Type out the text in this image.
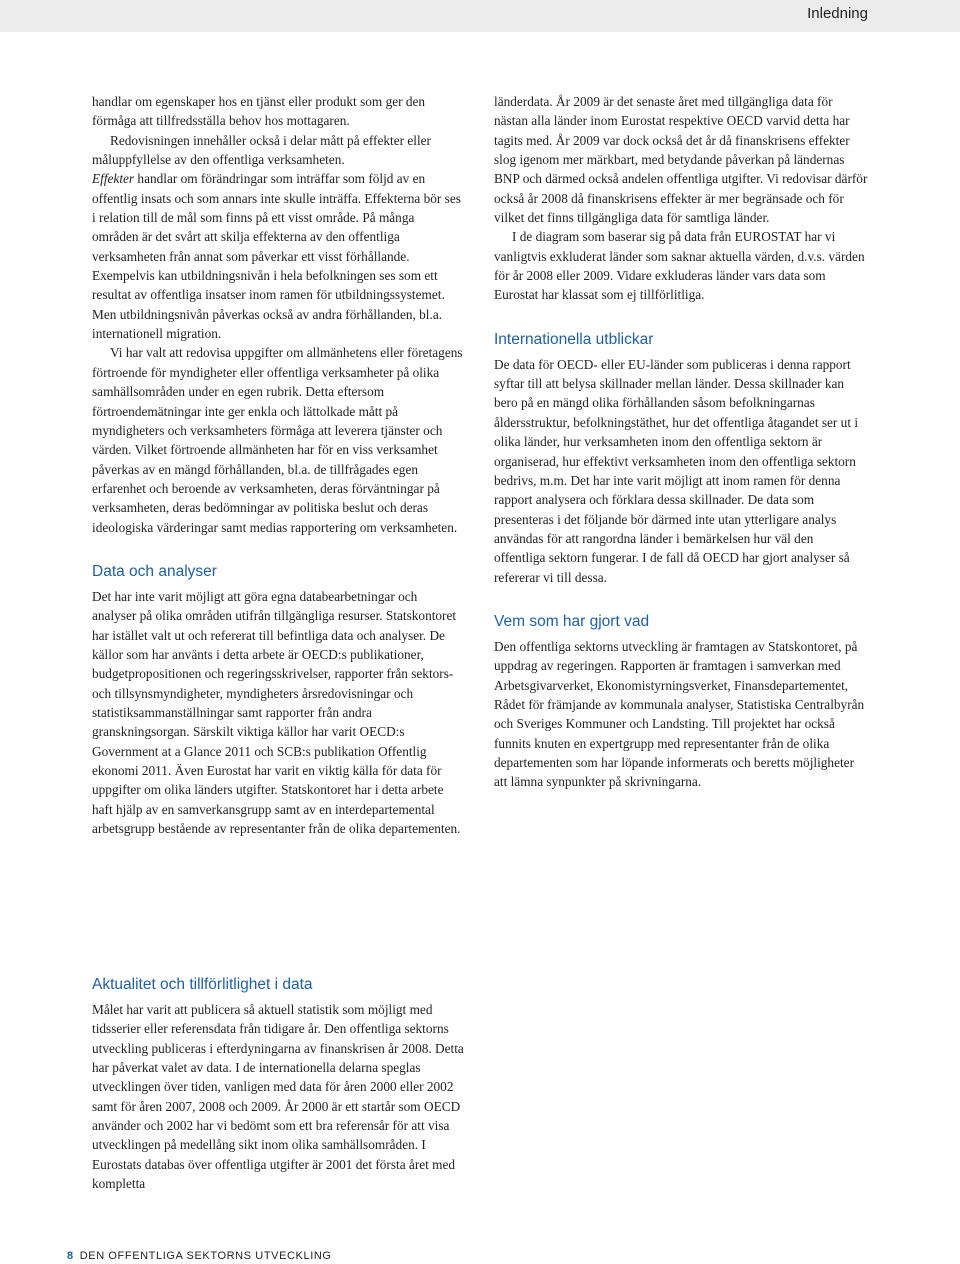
Inledning

handlar om egenskaper hos en tjänst eller produkt som ger den förmåga att tillfredsställa behov hos mottagaren.

Redovisningen innehåller också i delar mått på effekter eller måluppfyllelse av den offentliga verksamheten.

Effekter handlar om förändringar som inträffar som följd av en offentlig insats och som annars inte skulle inträffa. Effekterna bör ses i relation till de mål som finns på ett visst område. På många områden är det svårt att skilja effekterna av den offentliga verksamheten från annat som påverkar ett visst förhållande. Exempelvis kan utbildningsnivån i hela befolkningen ses som ett resultat av offentliga insatser inom ramen för utbildningssystemet. Men utbildningsnivån påverkas också av andra förhållanden, bl.a. internationell migration.

Vi har valt att redovisa uppgifter om allmänhetens eller företagens förtroende för myndigheter eller offentliga verksamheter på olika samhällsområden under en egen rubrik. Detta eftersom förtroendemätningar inte ger enkla och lättolkade mått på myndigheters och verksamheters förmåga att leverera tjänster och värden. Vilket förtroende allmänheten har för en viss verksamhet påverkas av en mängd förhållanden, bl.a. de tillfrågades egen erfarenhet och beroende av verksamheten, deras förväntningar på verksamheten, deras bedömningar av politiska beslut och deras ideologiska värderingar samt medias rapportering om verksamheten.

Data och analyser

Det har inte varit möjligt att göra egna databearbetningar och analyser på olika områden utifrån tillgängliga resurser. Statskontoret har istället valt ut och refererat till befintliga data och analyser. De källor som har använts i detta arbete är OECD:s publikationer, budgetpropositionen och regeringsskrivelser, rapporter från sektors- och tillsynsmyndigheter, myndigheters årsredovisningar och statistiksammanställningar samt rapporter från andra granskningsorgan. Särskilt viktiga källor har varit OECD:s Government at a Glance 2011 och SCB:s publikation Offentlig ekonomi 2011. Även Eurostat har varit en viktig källa för data för uppgifter om olika länders utgifter. Statskontoret har i detta arbete haft hjälp av en samverkansgrupp samt av en interdepartemental arbetsgrupp bestående av representanter från de olika departementen.

Aktualitet och tillförlitlighet i data

Målet har varit att publicera så aktuell statistik som möjligt med tidsserier eller referensdata från tidigare år. Den offentliga sektorns utveckling publiceras i efterdyningarna av finanskrisen år 2008. Detta har påverkat valet av data. I de internationella delarna speglas utvecklingen över tiden, vanligen med data för åren 2000 eller 2002 samt för åren 2007, 2008 och 2009. År 2000 är ett startår som OECD använder och 2002 har vi bedömt som ett bra referensår för att visa utvecklingen på medellång sikt inom olika samhällsområden. I Eurostats databas över offentliga utgifter är 2001 det första året med kompletta

länderdata. År 2009 är det senaste året med tillgängliga data för nästan alla länder inom Eurostat respektive OECD varvid detta har tagits med. År 2009 var dock också det år då finanskrisens effekter slog igenom mer märkbart, med betydande påverkan på ländernas BNP och därmed också andelen offentliga utgifter. Vi redovisar därför också år 2008 då finanskrisens effekter är mer begränsade och för vilket det finns tillgängliga data för samtliga länder.

I de diagram som baserar sig på data från EUROSTAT har vi vanligtvis exkluderat länder som saknar aktuella värden, d.v.s. värden för år 2008 eller 2009. Vidare exkluderas länder vars data som Eurostat har klassat som ej tillförlitliga.

Internationella utblickar

De data för OECD- eller EU-länder som publiceras i denna rapport syftar till att belysa skillnader mellan länder. Dessa skillnader kan bero på en mängd olika förhållanden såsom befolkningarnas åldersstruktur, befolkningstäthet, hur det offentliga åtagandet ser ut i olika länder, hur verksamheten inom den offentliga sektorn är organiserad, hur effektivt verksamheten inom den offentliga sektorn bedrivs, m.m. Det har inte varit möjligt att inom ramen för denna rapport analysera och förklara dessa skillnader. De data som presenteras i det följande bör därmed inte utan ytterligare analys användas för att rangordna länder i bemärkelsen hur väl den offentliga sektorn fungerar. I de fall då OECD har gjort analyser så refererar vi till dessa.

Vem som har gjort vad

Den offentliga sektorns utveckling är framtagen av Statskontoret, på uppdrag av regeringen. Rapporten är framtagen i samverkan med Arbetsgivarverket, Ekonomistyrningsverket, Finansdepartementet, Rådet för främjande av kommunala analyser, Statistiska Centralbyrån och Sveriges Kommuner och Landsting. Till projektet har också funnits knuten en expertgrupp med representanter från de olika departementen som har löpande informerats och beretts möjligheter att lämna synpunkter på skrivningarna.

8 DEN OFFENTLIGA SEKTORNS UTVECKLING
